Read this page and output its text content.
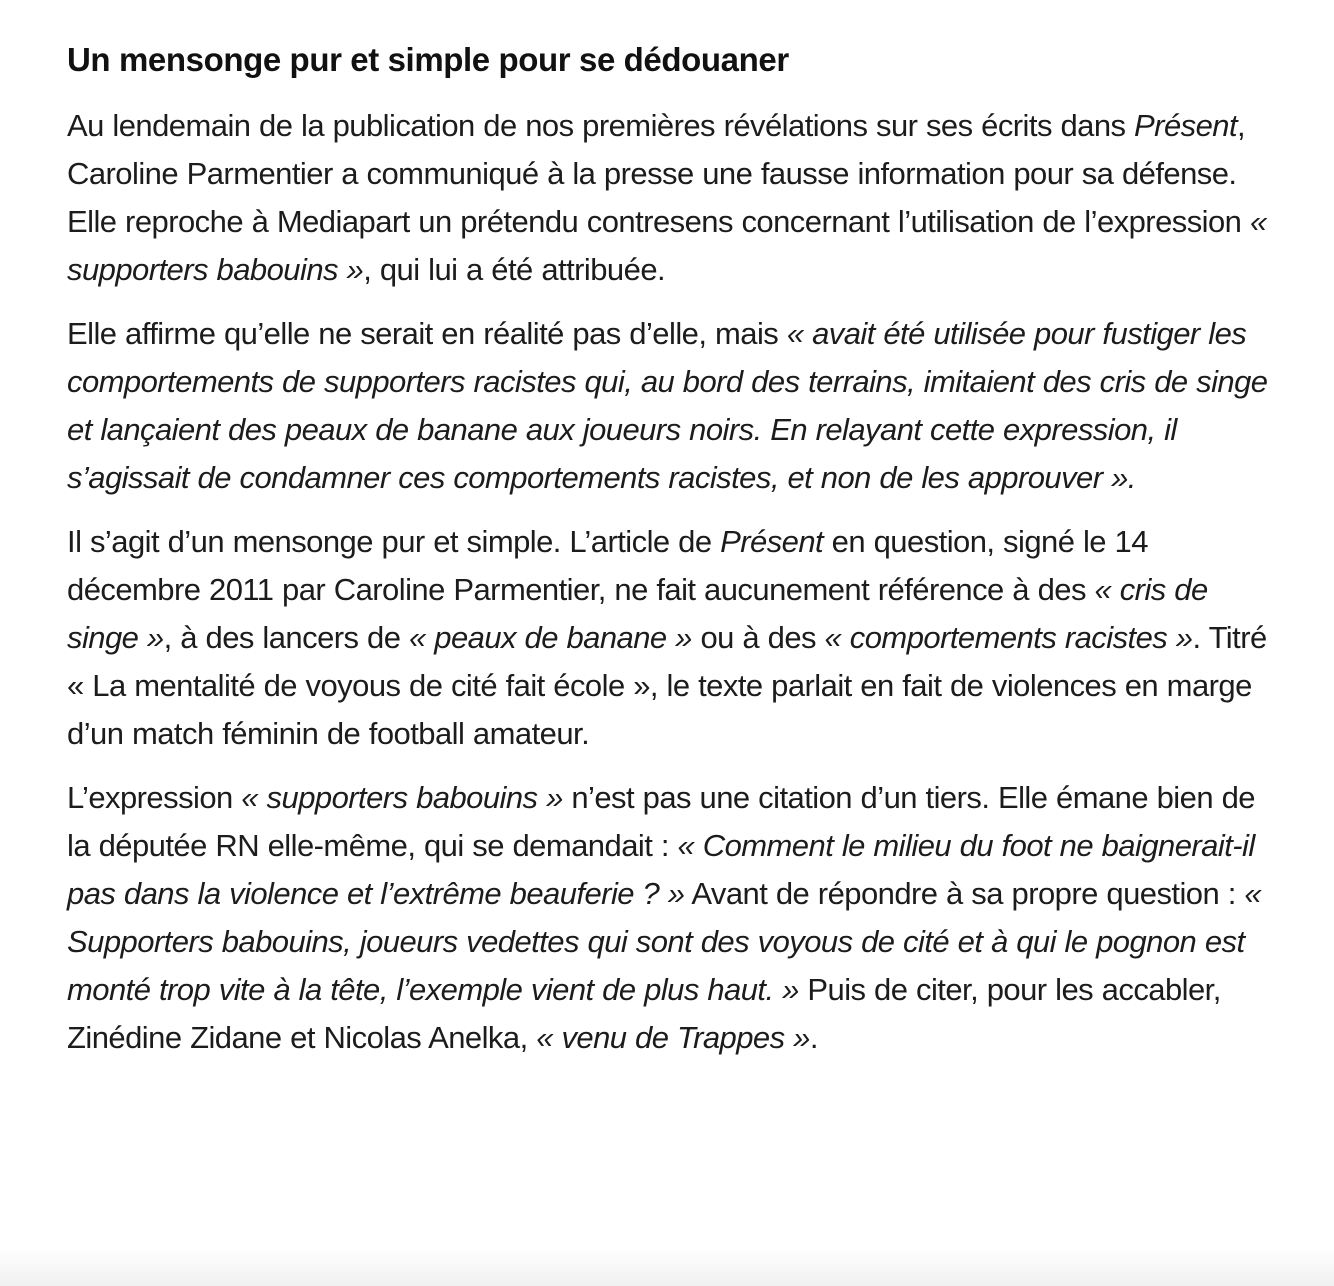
Un mensonge pur et simple pour se dédouaner

Au lendemain de la publication de nos premières révélations sur ses écrits dans Présent, Caroline Parmentier a communiqué à la presse une fausse information pour sa défense. Elle reproche à Mediapart un prétendu contresens concernant l’utilisation de l’expression « supporters babouins », qui lui a été attribuée.

Elle affirme qu’elle ne serait en réalité pas d’elle, mais « avait été utilisée pour fustiger les comportements de supporters racistes qui, au bord des terrains, imitaient des cris de singe et lançaient des peaux de banane aux joueurs noirs. En relayant cette expression, il s’agissait de condamner ces comportements racistes, et non de les approuver ».

Il s’agit d’un mensonge pur et simple. L’article de Présent en question, signé le 14 décembre 2011 par Caroline Parmentier, ne fait aucunement référence à des « cris de singe », à des lancers de « peaux de banane » ou à des « comportements racistes ». Titré « La mentalité de voyous de cité fait école », le texte parlait en fait de violences en marge d’un match féminin de football amateur.

L’expression « supporters babouins » n’est pas une citation d’un tiers. Elle émane bien de la députée RN elle-même, qui se demandait : « Comment le milieu du foot ne baignerait-il pas dans la violence et l’extrême beauferie ? » Avant de répondre à sa propre question : « Supporters babouins, joueurs vedettes qui sont des voyous de cité et à qui le pognon est monté trop vite à la tête, l’exemple vient de plus haut. » Puis de citer, pour les accabler, Zinédine Zidane et Nicolas Anelka, « venu de Trappes ».
